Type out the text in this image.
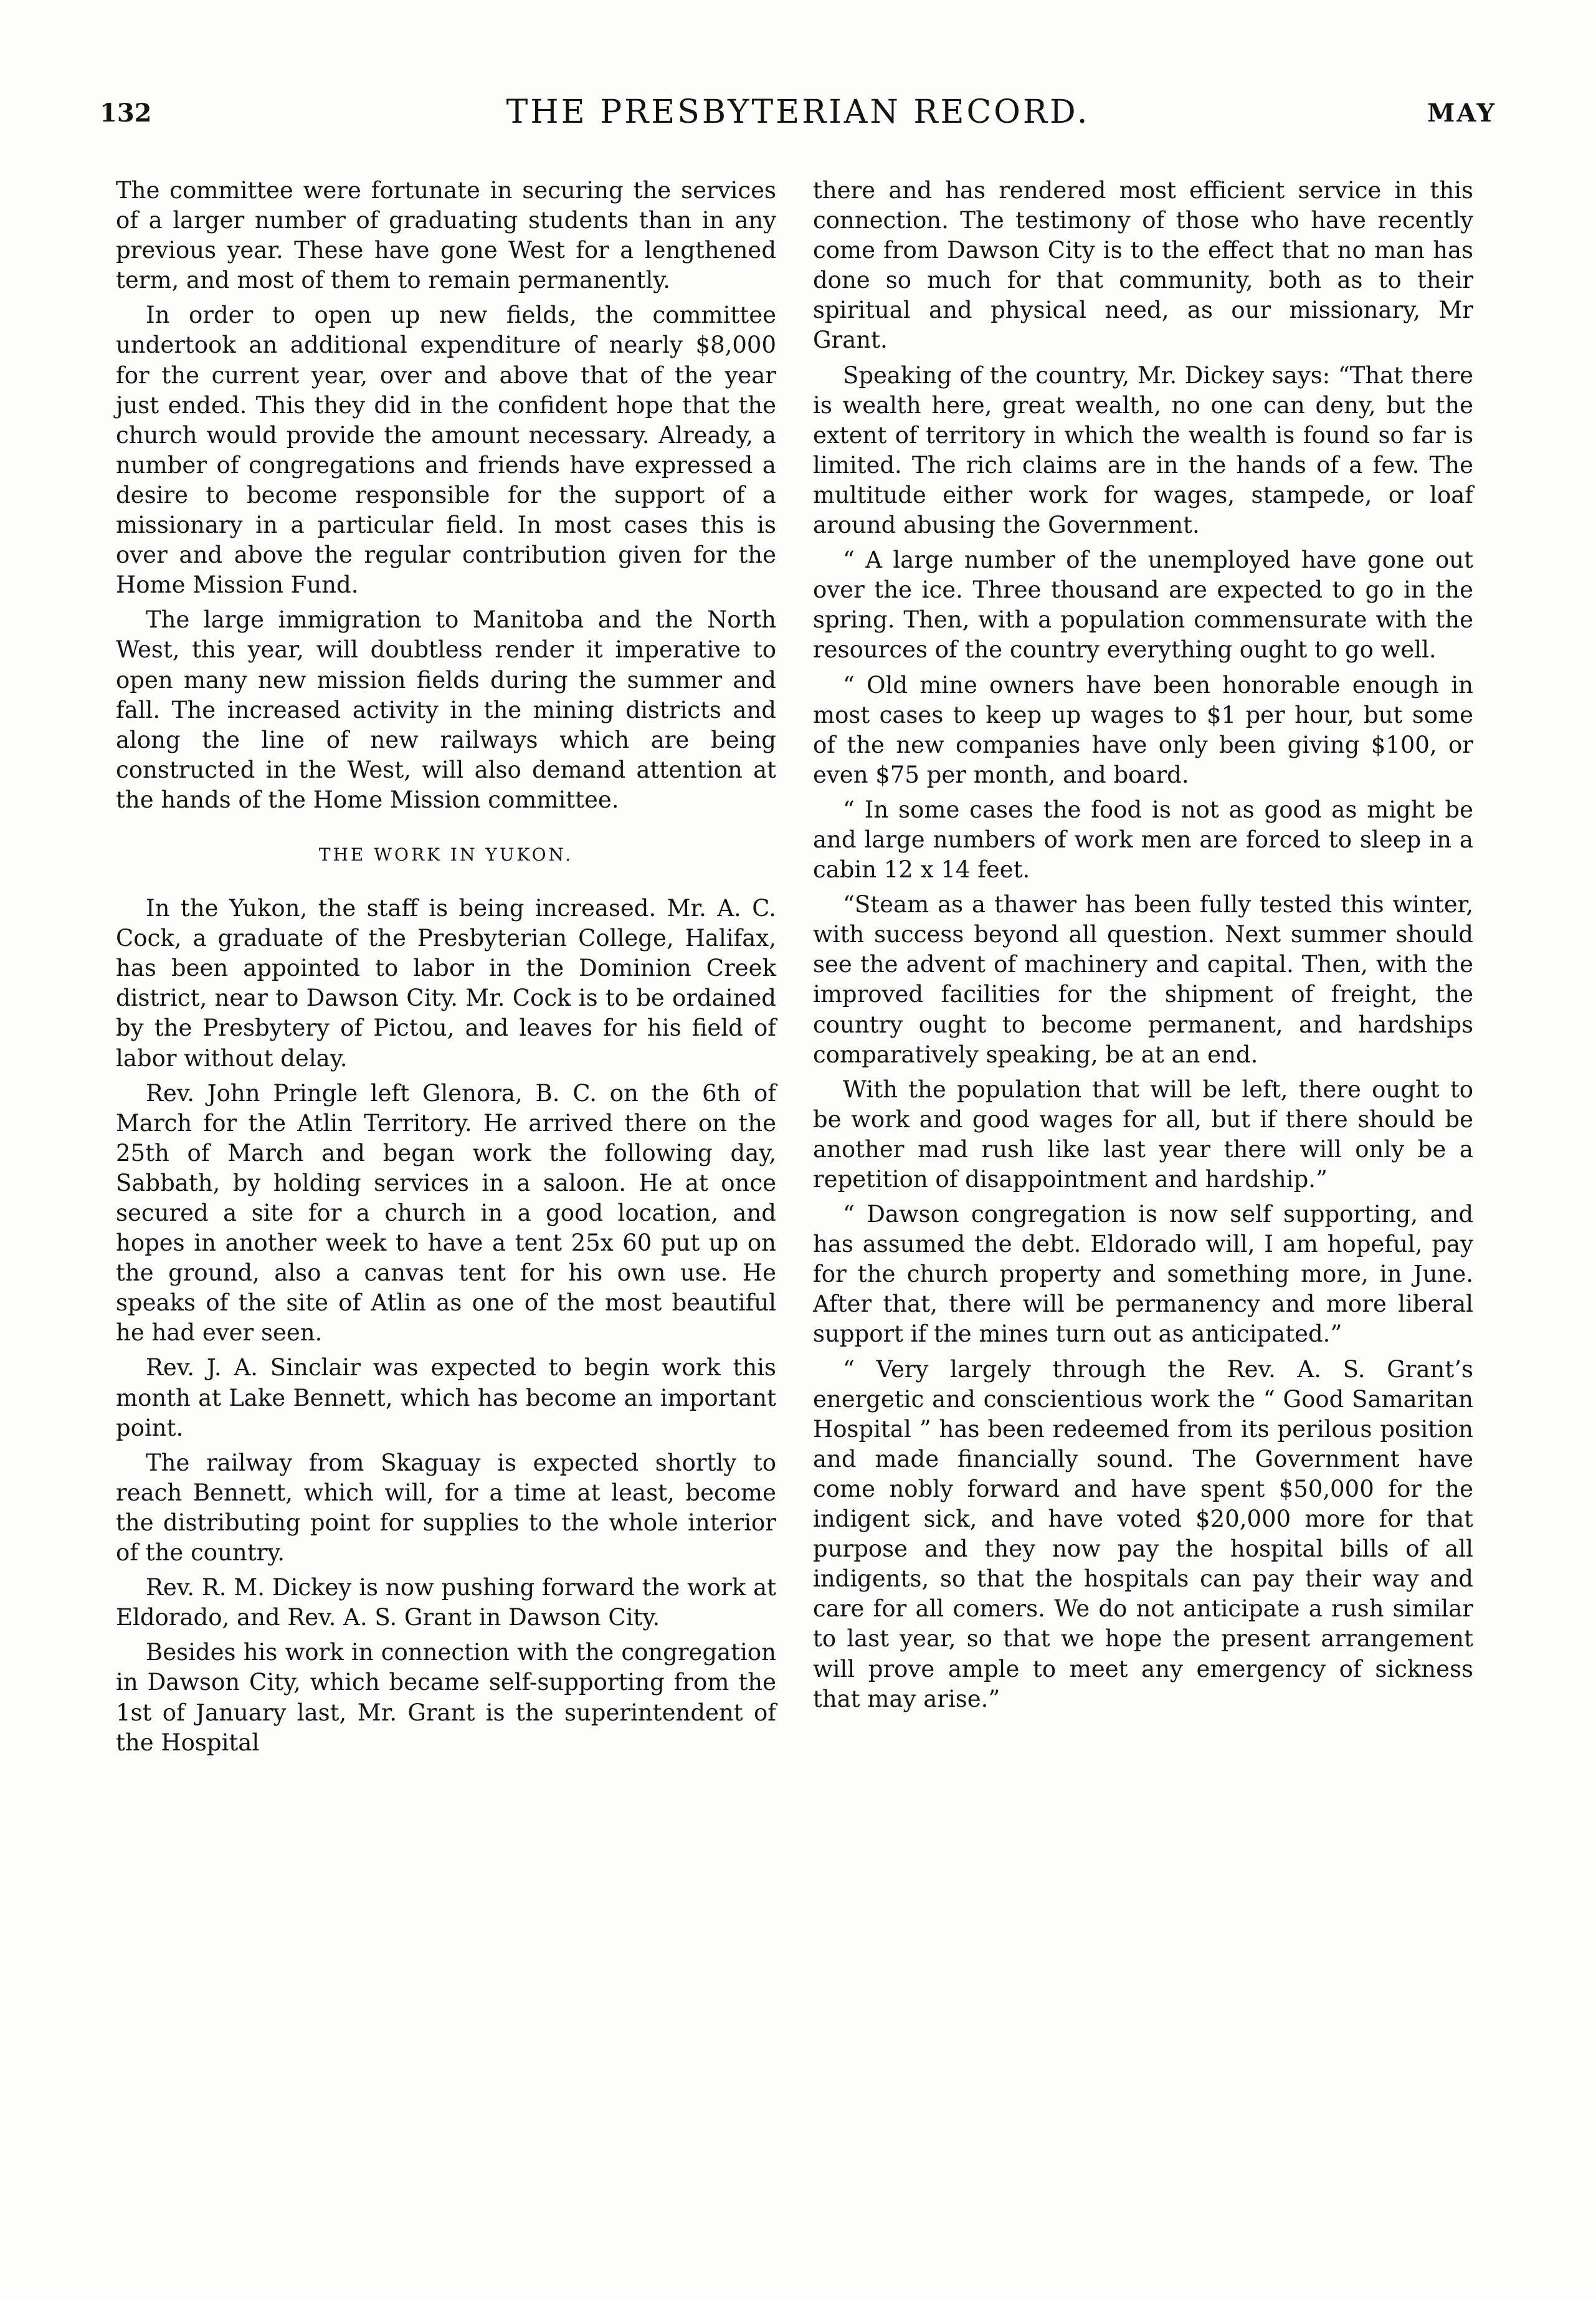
132	THE PRESBYTERIAN RECORD.	MAY

The committee were fortunate in securing the services of a larger number of graduating students than in any previous year. These have gone West for a lengthened term, and most of them to remain permanently.

In order to open up new fields, the committee undertook an additional expenditure of nearly $8,000 for the current year, over and above that of the year just ended. This they did in the confident hope that the church would provide the amount necessary. Already, a number of congregations and friends have expressed a desire to become responsible for the support of a missionary in a particular field. In most cases this is over and above the regular contribution given for the Home Mission Fund.

The large immigration to Manitoba and the North West, this year, will doubtless render it imperative to open many new mission fields during the summer and fall. The increased activity in the mining districts and along the line of new railways which are being constructed in the West, will also demand attention at the hands of the Home Mission committee.

THE WORK IN YUKON.

In the Yukon, the staff is being increased. Mr. A. C. Cock, a graduate of the Presbyterian College, Halifax, has been appointed to labor in the Dominion Creek district, near to Dawson City. Mr. Cock is to be ordained by the Presbytery of Pictou, and leaves for his field of labor without delay.

Rev. John Pringle left Glenora, B. C. on the 6th of March for the Atlin Territory. He arrived there on the 25th of March and began work the following day, Sabbath, by holding services in a saloon. He at once secured a site for a church in a good location, and hopes in another week to have a tent 25x 60 put up on the ground, also a canvas tent for his own use. He speaks of the site of Atlin as one of the most beautiful he had ever seen.

Rev. J. A. Sinclair was expected to begin work this month at Lake Bennett, which has become an important point.

The railway from Skaguay is expected shortly to reach Bennett, which will, for a time at least, become the distributing point for supplies to the whole interior of the country.

Rev. R. M. Dickey is now pushing forward the work at Eldorado, and Rev. A. S. Grant in Dawson City.

Besides his work in connection with the congregation in Dawson City, which became self-supporting from the 1st of January last, Mr. Grant is the superintendent of the Hospital

there and has rendered most efficient service in this connection. The testimony of those who have recently come from Dawson City is to the effect that no man has done so much for that community, both as to their spiritual and physical need, as our missionary, Mr Grant.

Speaking of the country, Mr. Dickey says: “That there is wealth here, great wealth, no one can deny, but the extent of territory in which the wealth is found so far is limited. The rich claims are in the hands of a few. The multitude either work for wages, stampede, or loaf around abusing the Government.

“ A large number of the unemployed have gone out over the ice. Three thousand are expected to go in the spring. Then, with a population commensurate with the resources of the country everything ought to go well.

“ Old mine owners have been honorable enough in most cases to keep up wages to $1 per hour, but some of the new companies have only been giving $100, or even $75 per month, and board.

“ In some cases the food is not as good as might be and large numbers of work men are forced to sleep in a cabin 12 x 14 feet.

“Steam as a thawer has been fully tested this winter, with success beyond all question. Next summer should see the advent of machinery and capital. Then, with the improved facilities for the shipment of freight, the country ought to become permanent, and hardships comparatively speaking, be at an end.

With the population that will be left, there ought to be work and good wages for all, but if there should be another mad rush like last year there will only be a repetition of disappointment and hardship.”

“ Dawson congregation is now self supporting, and has assumed the debt. Eldorado will, I am hopeful, pay for the church property and something more, in June. After that, there will be permanency and more liberal support if the mines turn out as anticipated.”

“ Very largely through the Rev. A. S. Grant’s energetic and conscientious work the “ Good Samaritan Hospital ” has been redeemed from its perilous position and made financially sound. The Government have come nobly forward and have spent $50,000 for the indigent sick, and have voted $20,000 more for that purpose and they now pay the hospital bills of all indigents, so that the hospitals can pay their way and care for all comers. We do not anticipate a rush similar to last year, so that we hope the present arrangement will prove ample to meet any emergency of sickness that may arise.”
